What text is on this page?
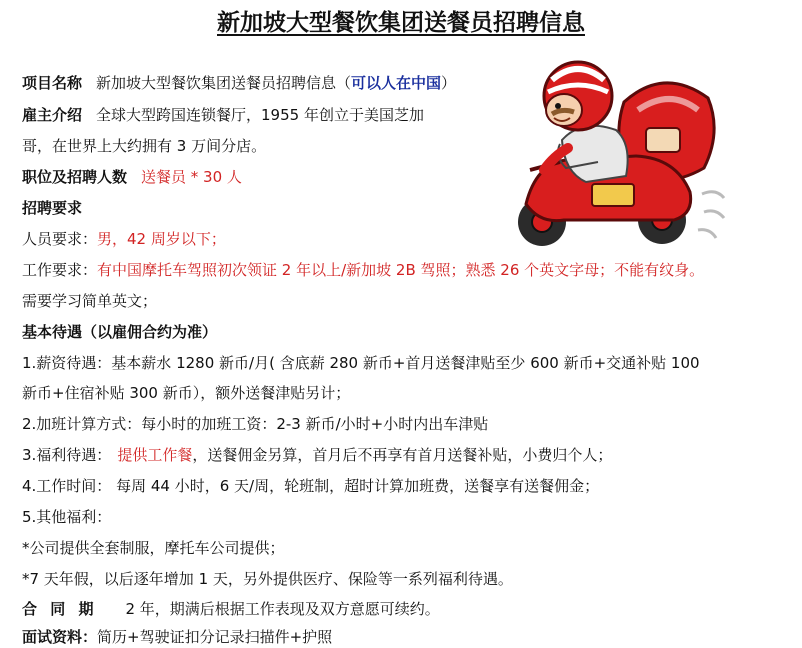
新加坡大型餐饮集团送餐员招聘信息
项目名称 新加坡大型餐饮集团送餐员招聘信息（可以人在中国）
雇主介绍 全球大型跨国连锁餐厅，1955 年创立于美国芝加
哥，在世界上大约拥有 3 万间分店。
职位及招聘人数 送餐员 * 30 人
招聘要求
人员要求：男，42 周岁以下；
工作要求：有中国摩托车驾照初次领证 2 年以上/新加坡 2B 驾照；熟悉 26 个英文字母；不能有纹身。
需要学习简单英文；
基本待遇（以雇佣合约为准）
1.薪资待遇：基本薪水 1280 新币/月( 含底薪 280 新币+首月送餐津贴至少 600 新币+交通补贴 100
新币+住宿补贴 300 新币），额外送餐津贴另计；
2.加班计算方式：每小时的加班工资：2-3 新币/小时+小时内出车津贴
3.福利待遇： 提供工作餐，送餐佣金另算，首月后不再享有首月送餐补贴，小费归个人；
4.工作时间： 每周 44 小时，6 天/周，轮班制，超时计算加班费，送餐享有送餐佣金；
5.其他福利：
*公司提供全套制服，摩托车公司提供；
*7 天年假，以后逐年增加 1 天，另外提供医疗、保险等一系列福利待遇。
合 同 期 2 年，期满后根据工作表现及双方意愿可续约。
面试资料：简历+驾驶证扣分记录扫描件+护照
